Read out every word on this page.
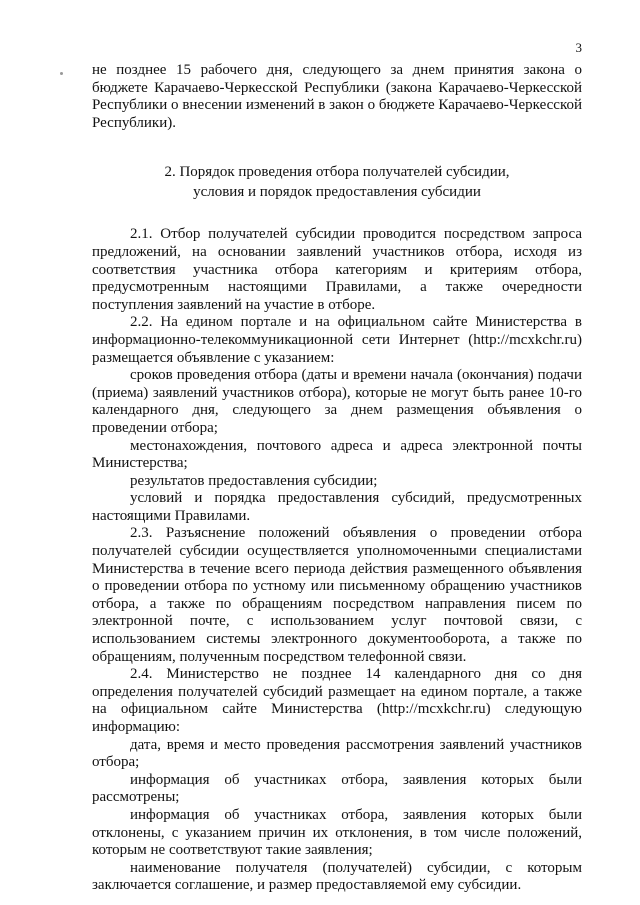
3

не позднее 15 рабочего дня, следующего за днем принятия закона о бюджете Карачаево-Черкесской Республики (закона Карачаево-Черкесской Республики о внесении изменений в закон о бюджете Карачаево-Черкесской Республики).

2. Порядок проведения отбора получателей субсидии,
условия и порядок предоставления субсидии

2.1. Отбор получателей субсидии проводится посредством запроса предложений, на основании заявлений участников отбора, исходя из соответствия участника отбора категориям и критериям отбора, предусмотренным настоящими Правилами, а также очередности поступления заявлений на участие в отборе.

2.2. На едином портале и на официальном сайте Министерства в информационно-телекоммуникационной сети Интернет (http://mcxkchr.ru) размещается объявление с указанием:

сроков проведения отбора (даты и времени начала (окончания) подачи (приема) заявлений участников отбора), которые не могут быть ранее 10-го календарного дня, следующего за днем размещения объявления о проведении отбора;

местонахождения, почтового адреса и адреса электронной почты Министерства;

результатов предоставления субсидии;

условий и порядка предоставления субсидий, предусмотренных настоящими Правилами.

2.3. Разъяснение положений объявления о проведении отбора получателей субсидии осуществляется уполномоченными специалистами Министерства в течение всего периода действия размещенного объявления о проведении отбора по устному или письменному обращению участников отбора, а также по обращениям посредством направления писем по электронной почте, с использованием услуг почтовой связи, с использованием системы электронного документооборота, а также по обращениям, полученным посредством телефонной связи.

2.4. Министерство не позднее 14 календарного дня со дня определения получателей субсидий размещает на едином портале, а также на официальном сайте Министерства (http://mcxkchr.ru) следующую информацию:

дата, время и место проведения рассмотрения заявлений участников отбора;

информация об участниках отбора, заявления которых были рассмотрены;

информация об участниках отбора, заявления которых были отклонены, с указанием причин их отклонения, в том числе положений, которым не соответствуют такие заявления;

наименование получателя (получателей) субсидии, с которым заключается соглашение, и размер предоставляемой ему субсидии.
